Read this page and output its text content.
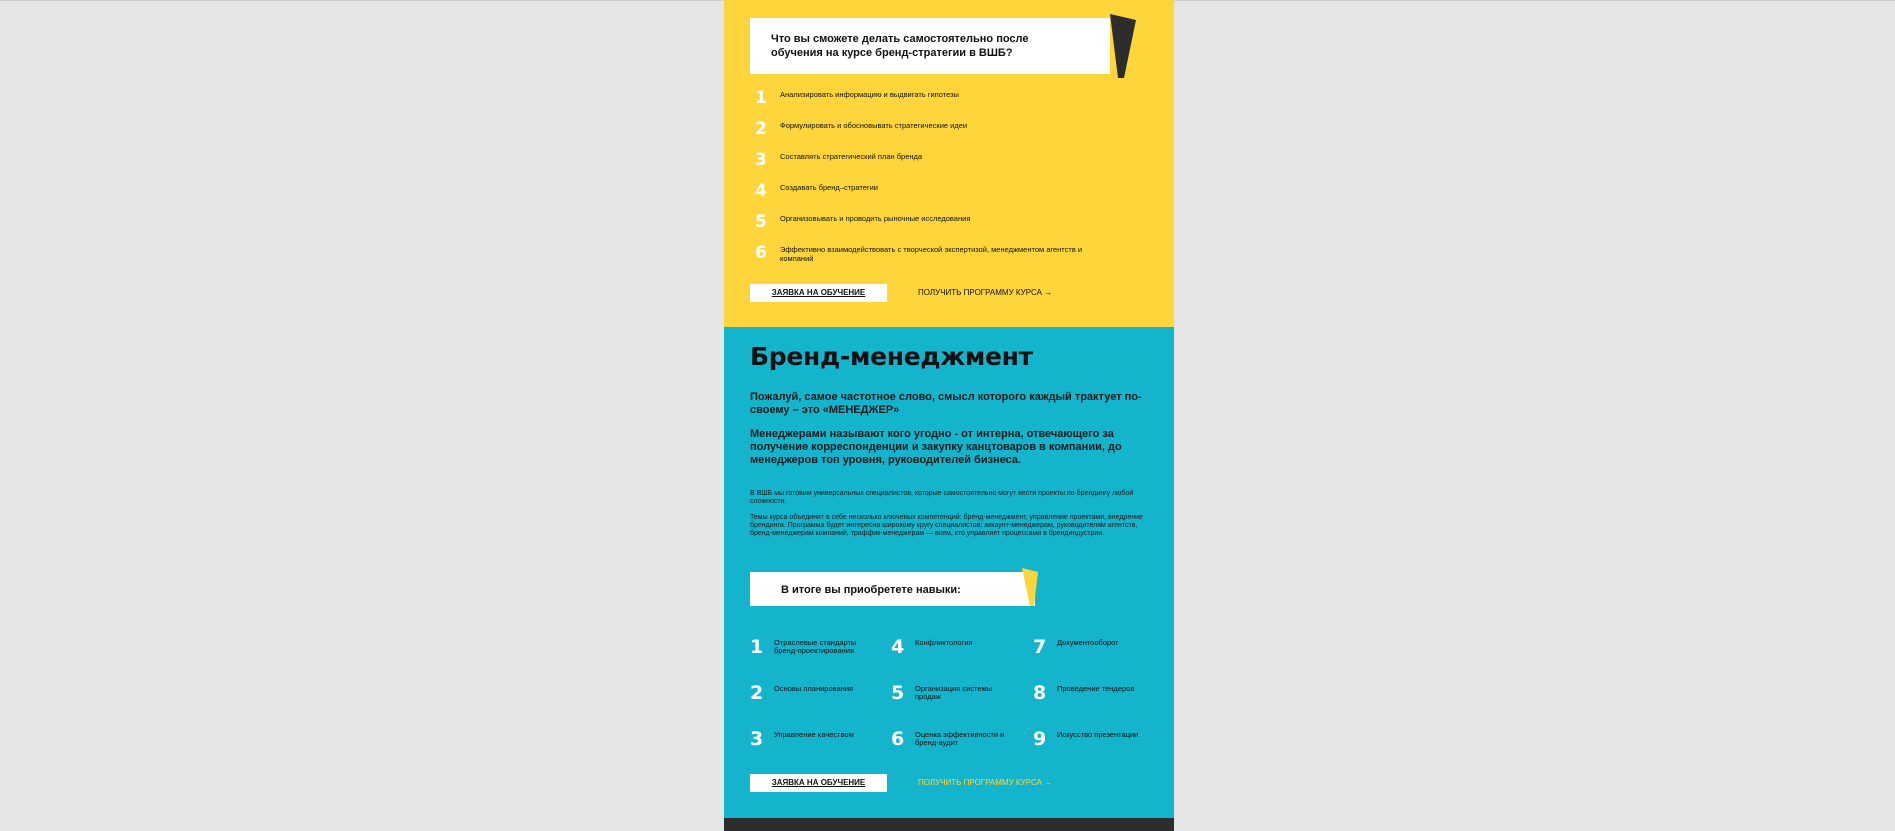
Что вы сможете делать самостоятельно после обучения на курсе бренд-стратегии в ВШБ?
1 Анализировать информацию и выдвигать гипотезы
2 Формулировать и обосновывать стратегические идеи
3 Составлять стратегический план бренда
4 Создавать бренд–стратегии
5 Организовывать и проводить рыночные исследования
6 Эффективно взаимодействовать с творческой экспертизой, менеджментом агентств и компаний
ЗАЯВКА НА ОБУЧЕНИЕ	ПОЛУЧИТЬ ПРОГРАММУ КУРСА →
Бренд-менеджмент

Пожалуй, самое частотное слово, смысл которого каждый трактует по-своему – это «МЕНЕДЖЕР»

Менеджерами называют кого угодно - от интерна, отвечающего за получение корреспонденции и закупку канцтоваров в компании, до менеджеров топ уровня, руководителей бизнеса.

В ВШБ мы готовим универсальных специалистов, которые самостоятельно могут вести проекты по брендингу любой сложности.

Темы курса объединят в себе несколько ключевых компетенций: бренд-менеджмент, управление проектами, внедрение брендинга. Программа будет интересна широкому кругу специалистов: аккаунт-менеджерам, руководителям агентств, бренд-менеджерам компаний, траффик-менеджерам — всем, кто управляет процессами в брендиндустрии.

В итоге вы приобретете навыки:
1 Отраслевые стандарты бренд-проектирования
2 Основы планирования
3 Управление качеством
4 Конфликтология
5 Организация системы продаж
6 Оценка эффективности и бренд-аудит
7 Документооборот
8 Проведение тендеров
9 Искусство презентации
ЗАЯВКА НА ОБУЧЕНИЕ	ПОЛУЧИТЬ ПРОГРАММУ КУРСА →
